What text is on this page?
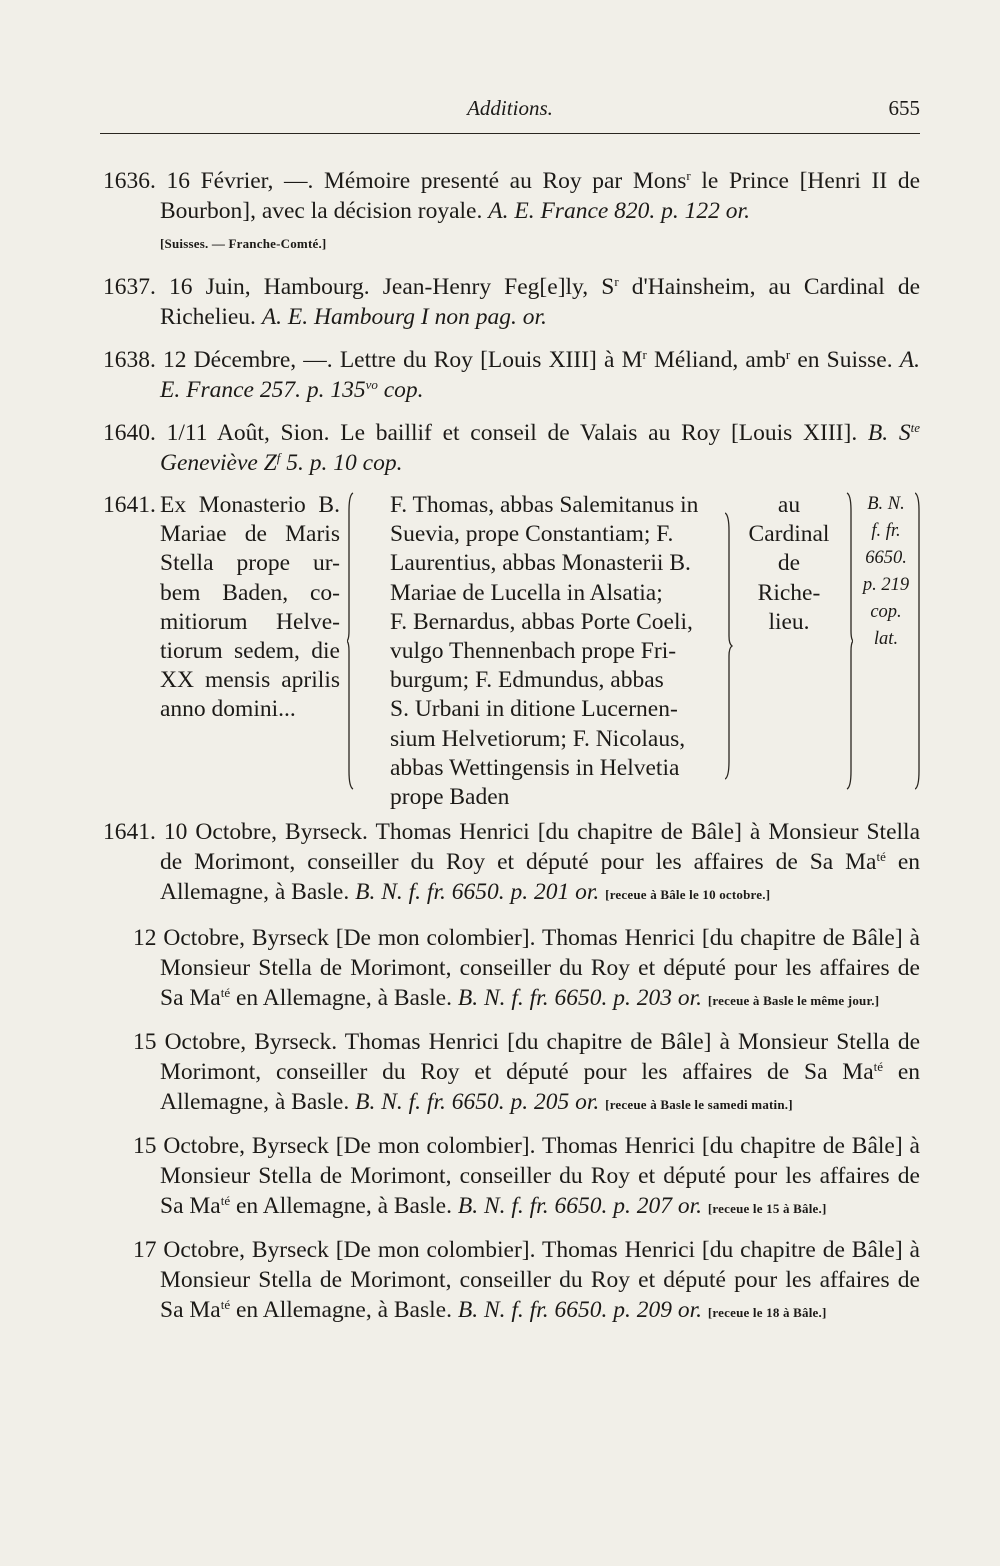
Additions.	655
1636. 16 Février, —. Mémoire presenté au Roy par Mons$^r$ le Prince [Henri II de Bourbon], avec la décision royale. A. E. France 820. p. 122 or.
[Suisses. — Franche-Comté.]
1637. 16 Juin, Hambourg. Jean-Henry Feg[e]ly, $S^r$ d'Hainsheim, au Cardinal de Richelieu. A. E. Hambourg I non pag. or.
1638. 12 Décembre, —. Lettre du Roy [Louis XIII] à $M^r$ Méliand, amb$^r$ en Suisse. A. E. France 257. p. $135^{vo}$ cop.
1640. 1/11 Août, Sion. Le baillif et conseil de Valais au Roy [Louis XIII]. B. $S^{te}$ Geneviève $Z^f$ 5. p. 10 cop.
1641. Ex Monasterio B.
Mariae de Maris
Stella prope ur-
bem Baden, co-
mitiorum Helve-
tiorum sedem, die
XX mensis aprilis
anno domini...
F. Thomas, abbas Salemitanus in
Suevia, prope Constantiam; F.
Laurentius, abbas Monasterii B.
Mariae de Lucella in Alsatia;
F. Bernardus, abbas Porte Coeli,
vulgo Thennenbach prope Fri-
burgum; F. Edmundus, abbas
S. Urbani in ditione Lucernen-
sium Helvetiorum; F. Nicolaus,
abbas Wettingensis in Helvetia
prope Baden
au
Cardinal
de
Riche-
lieu.
B. N.
f. fr.
6650.
p. 219
cop.
lat.
1641. 10 Octobre, Byrseck. Thomas Henrici [du chapitre de Bâle] à Monsieur Stella de Morimont, conseiller du Roy et député pour les affaires de Sa $Ma^{té}$ en Allemagne, à Basle. B. N. f. fr. 6650. p. 201 or. [receue à Bâle le 10 octobre.]
12 Octobre, Byrseck [De mon colombier]. Thomas Henrici [du chapitre de Bâle] à Monsieur Stella de Morimont, conseiller du Roy et député pour les affaires de Sa $Ma^{té}$ en Allemagne, à Basle. B. N. f. fr. 6650. p. 203 or. [receue à Basle le même jour.]
15 Octobre, Byrseck. Thomas Henrici [du chapitre de Bâle] à Monsieur Stella de Morimont, conseiller du Roy et député pour les affaires de Sa $Ma^{té}$ en Allemagne, à Basle. B. N. f. fr. 6650. p. 205 or. [receue à Basle le samedi matin.]
15 Octobre, Byrseck [De mon colombier]. Thomas Henrici [du chapitre de Bâle] à Monsieur Stella de Morimont, conseiller du Roy et député pour les affaires de Sa $Ma^{té}$ en Allemagne, à Basle. B. N. f. fr. 6650. p. 207 or. [receue le 15 à Bâle.]
17 Octobre, Byrseck [De mon colombier]. Thomas Henrici [du chapitre de Bâle] à Monsieur Stella de Morimont, conseiller du Roy et député pour les affaires de Sa $Ma^{té}$ en Allemagne, à Basle. B. N. f. fr. 6650. p. 209 or. [receue le 18 à Bâle.]
